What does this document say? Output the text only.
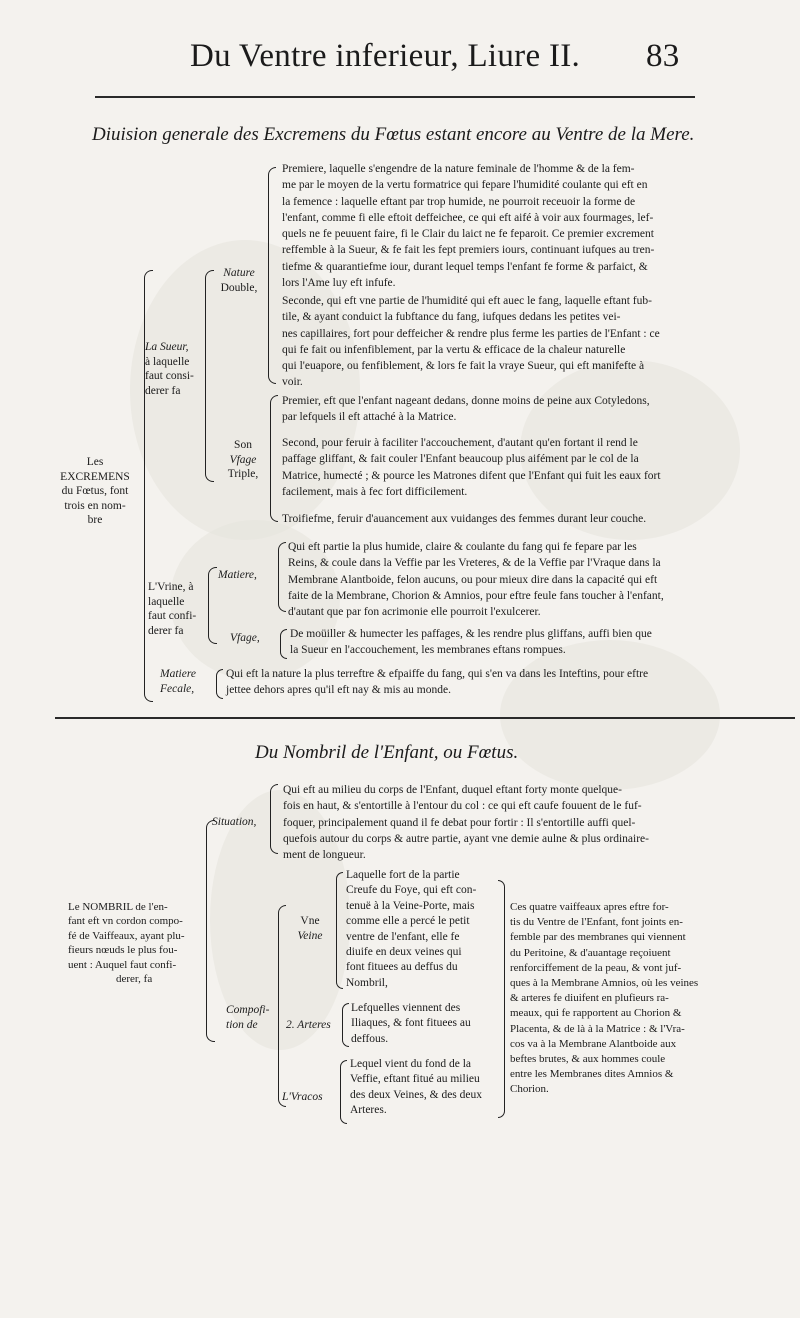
Du Ventre inferieur, Liure II. 83
Diuision generale des Excremens du Fœtus estant encore au Ventre de la Mere.
Les
EXCREMENS
du Fœtus, font
trois en nom-
bre
La Sueur,
à laquelle
faut consi-
derer fa
Nature
Double,
Premiere, laquelle s'engendre de la nature feminale de l'homme & de la fem-
me par le moyen de la vertu formatrice qui fepare l'humidité coulante qui eft en
la femence : laquelle eftant par trop humide, ne pourroit receuoir la forme de
l'enfant, comme fi elle eftoit deffeichee, ce qui eft aifé à voir aux fourmages, lef-
quels ne fe peuuent faire, fi le Clair du laict ne fe feparoit. Ce premier excrement
reffemble à la Sueur, & fe fait les fept premiers iours, continuant iufques au tren-
tiefme & quarantiefme iour, durant lequel temps l'enfant fe forme & parfaict, &
lors l'Ame luy eft infufe.
Seconde, qui eft vne partie de l'humidité qui eft auec le fang, laquelle eftant fub-
tile, & ayant conduict la fubftance du fang, iufques dedans les petites vei-
nes capillaires, fort pour deffeicher & rendre plus ferme les parties de l'Enfant : ce
qui fe fait ou infenfiblement, par la vertu & efficace de la chaleur naturelle
qui l'euapore, ou fenfiblement, & lors fe fait la vraye Sueur, qui eft manifefte à
voir.
Son
Vfage
Triple,
Premier, eft que l'enfant nageant dedans, donne moins de peine aux Cotyledons,
par lefquels il eft attaché à la Matrice.
Second, pour feruir à faciliter l'accouchement, d'autant qu'en fortant il rend le
paffage gliffant, & fait couler l'Enfant beaucoup plus aifément par le col de la
Matrice, humecté ; & pource les Matrones difent que l'Enfant qui fuit les eaux fort
facilement, mais à fec fort difficilement.
Troifiefme, feruir d'auancement aux vuidanges des femmes durant leur couche.
L'Vrine, à
laquelle
faut confi-
derer fa
Matiere,
Qui eft partie la plus humide, claire & coulante du fang qui fe fepare par les
Reins, & coule dans la Veffie par les Vreteres, & de la Veffie par l'Vraque dans la
Membrane Alantboide, felon aucuns, ou pour mieux dire dans la capacité qui eft
faite de la Membrane, Chorion & Amnios, pour eftre feule fans toucher à l'enfant,
d'autant que par fon acrimonie elle pourroit l'exulcerer.
Vfage,	De moüiller & humecter les paffages, & les rendre plus gliffans, auffi bien que
la Sueur en l'accouchement, les membranes eftans rompues.
Matiere
Fecale,
Qui eft la nature la plus terreftre & efpaiffe du fang, qui s'en va dans les Inteftins, pour eftre
jettee dehors apres qu'il eft nay & mis au monde.
Du Nombril de l'Enfant, ou Fœtus.
Le NOMBRIL de l'en-
fant eft vn cordon compo-
fé de Vaiffeaux, ayant plu-
fieurs nœuds le plus fou-
uent : Auquel faut confi-
derer, fa
Situation,
Qui eft au milieu du corps de l'Enfant, duquel eftant forty monte quelque-
fois en haut, & s'entortille à l'entour du col : ce qui eft caufe fouuent de le fuf-
foquer, principalement quand il fe debat pour fortir : Il s'entortille auffi quel-
quefois autour du corps & autre partie, ayant vne demie aulne & plus ordinaire-
ment de longueur.
Compofi-
tion de
Vne
Veine
Laquelle fort de la partie
Creufe du Foye, qui eft con-
tenuë à la Veine-Porte, mais
comme elle a percé le petit
ventre de l'enfant, elle fe
diuife en deux veines qui
font fituees au deffus du
Nombril,
2. Arteres
Lefquelles viennent des
Iliaques, & font fituees au
deffous.
L'Vracos
Lequel vient du fond de la
Veffie, eftant fitué au milieu
des deux Veines, & des deux
Arteres.
Ces quatre vaiffeaux apres eftre for-
tis du Ventre de l'Enfant, font joints en-
femble par des membranes qui viennent
du Peritoine, & d'auantage reçoiuent
renforciffement de la peau, & vont juf-
ques à la Membrane Amnios, où les veines
& arteres fe diuifent en plufieurs ra-
meaux, qui fe rapportent au Chorion &
Placenta, & de là à la Matrice : & l'Vra-
cos va à la Membrane Alantboide aux
beftes brutes, & aux hommes coule
entre les Membranes dites Amnios &
Chorion.
